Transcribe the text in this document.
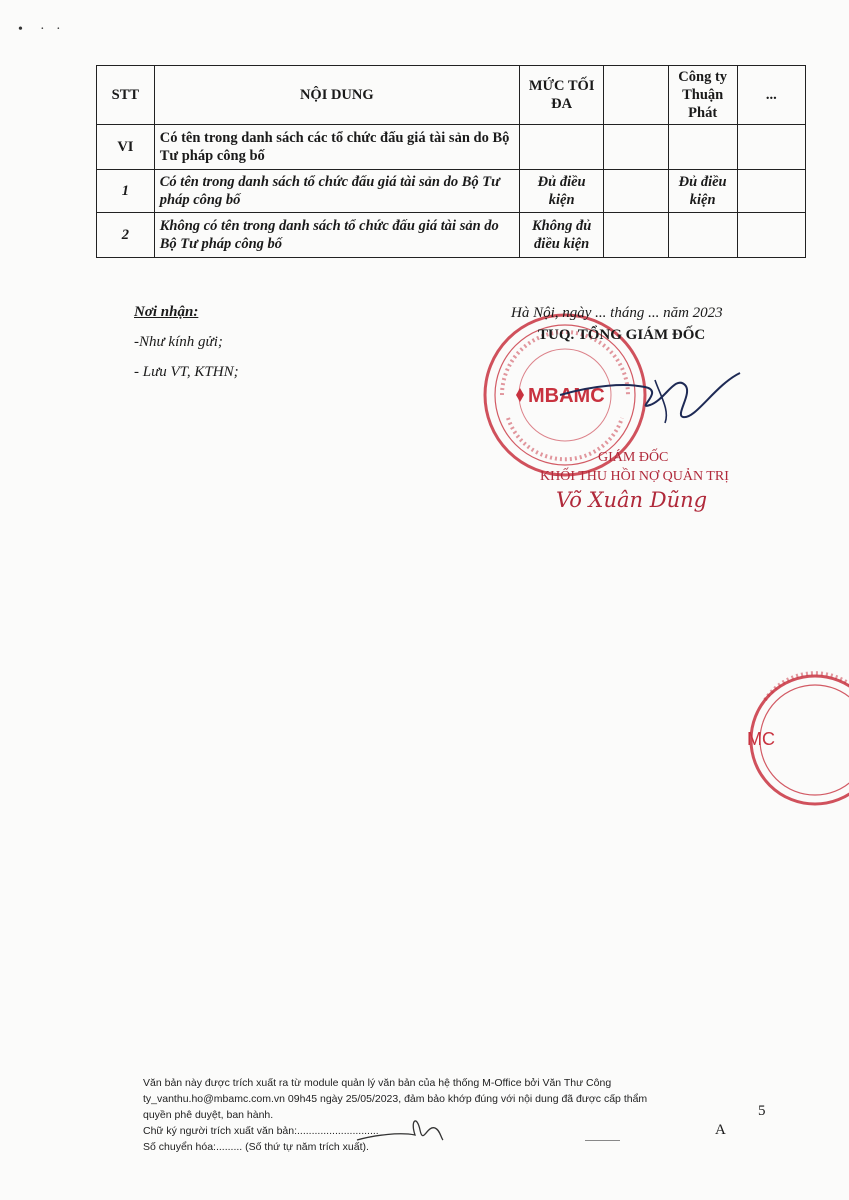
• · ·
STT	NỘI DUNG	MỨC TỐI ĐA		Công ty Thuận Phát	...
VI	Có tên trong danh sách các tổ chức đấu giá tài sản do Bộ Tư pháp công bố				
1	Có tên trong danh sách tổ chức đấu giá tài sản do Bộ Tư pháp công bố	Đủ điều kiện		Đủ điều kiện	
2	Không có tên trong danh sách tổ chức đấu giá tài sản do Bộ Tư pháp công bố	Không đủ điều kiện			
Nơi nhận:
-Như kính gửi;
- Lưu VT, KTHN;
MBAMC
Hà Nội, ngày ... tháng ... năm 2023
TUQ. TỔNG GIÁM ĐỐC
GIÁM ĐỐC
KHỐI THU HỒI NỢ QUẢN TRỊ
Võ Xuân Dũng
MC
Văn bản này được trích xuất ra từ module quản lý văn bản của hệ thống M-Office bởi Văn Thư Công
ty_vanthu.ho@mbamc.com.vn 09h45 ngày 25/05/2023, đảm bảo khớp đúng với nội dung đã được cấp thẩm
quyền phê duyệt, ban hành.
Chữ ký người trích xuất văn bản:............................
Số chuyển hóa:......... (Số thứ tự năm trích xuất).
5
A
